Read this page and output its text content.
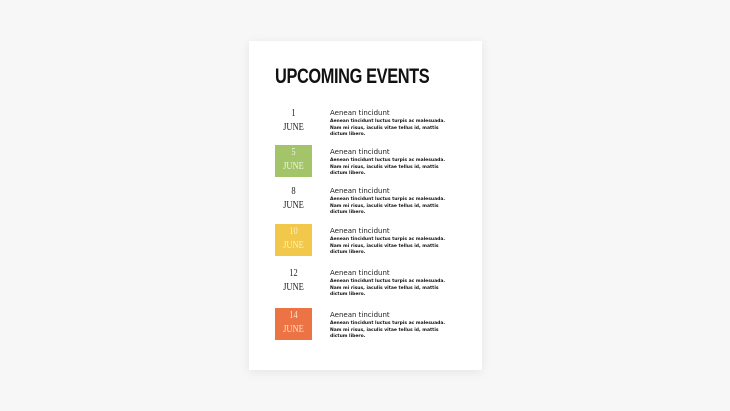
UPCOMING EVENTS
1
JUNE
Aenean tincidunt
Aenean tincidunt luctus turpis ac malesuada. Nam mi risus, iaculis vitae tellus id, mattis dictum libero.
5
JUNE
Aenean tincidunt
Aenean tincidunt luctus turpis ac malesuada. Nam mi risus, iaculis vitae tellus id, mattis dictum libero.
8
JUNE
Aenean tincidunt
Aenean tincidunt luctus turpis ac malesuada. Nam mi risus, iaculis vitae tellus id, mattis dictum libero.
10
JUNE
Aenean tincidunt
Aenean tincidunt luctus turpis ac malesuada. Nam mi risus, iaculis vitae tellus id, mattis dictum libero.
12
JUNE
Aenean tincidunt
Aenean tincidunt luctus turpis ac malesuada. Nam mi risus, iaculis vitae tellus id, mattis dictum libero.
14
JUNE
Aenean tincidunt
Aenean tincidunt luctus turpis ac malesuada. Nam mi risus, iaculis vitae tellus id, mattis dictum libero.
